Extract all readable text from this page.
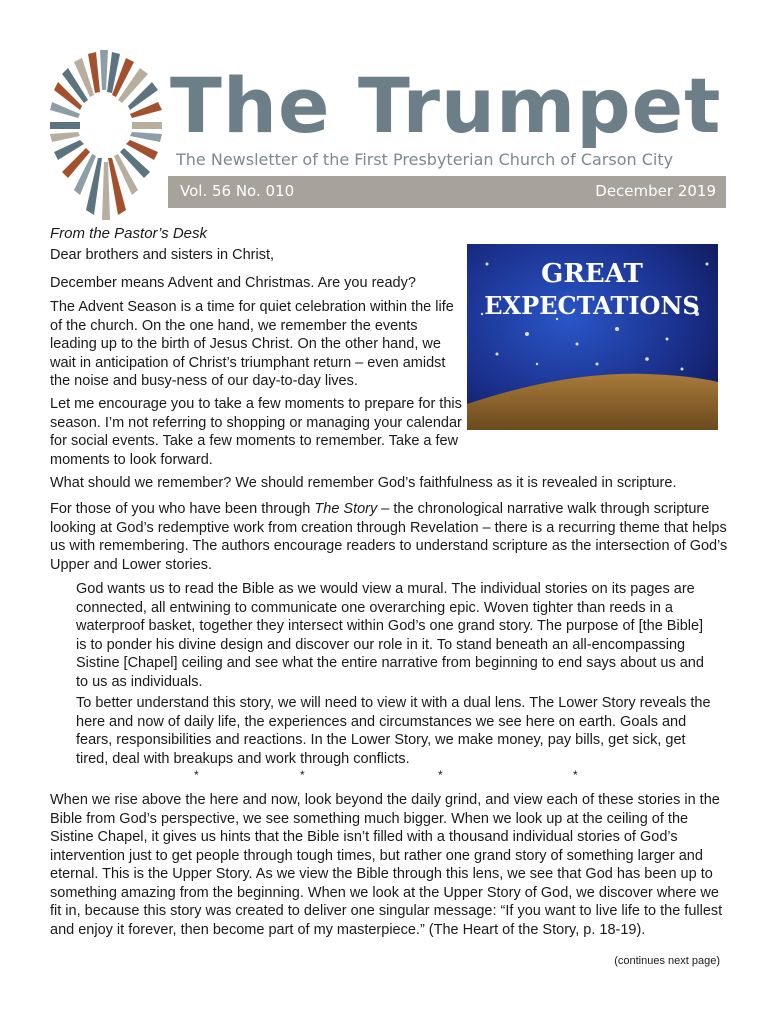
The Trumpet
The Newsletter of the First Presbyterian Church of Carson City
Vol. 56 No. 010	December 2019
From the Pastor’s Desk

Dear brothers and sisters in Christ,

December means Advent and Christmas. Are you ready?

The Advent Season is a time for quiet celebration within the life of the church. On the one hand, we remember the events leading up to the birth of Jesus Christ. On the other hand, we wait in anticipation of Christ’s triumphant return – even amidst the noise and busy-ness of our day-to-day lives.

Let me encourage you to take a few moments to prepare for this season. I’m not referring to shopping or managing your calendar for social events. Take a few moments to remember. Take a few moments to look forward.

GREAT
EXPECTATIONS

What should we remember? We should remember God’s faithfulness as it is revealed in scripture.

For those of you who have been through The Story – the chronological narrative walk through scripture looking at God’s redemptive work from creation through Revelation – there is a recurring theme that helps us with remembering. The authors encourage readers to understand scripture as the intersection of God’s Upper and Lower stories.

God wants us to read the Bible as we would view a mural. The individual stories on its pages are connected, all entwining to communicate one overarching epic. Woven tighter than reeds in a waterproof basket, together they intersect within God’s one grand story. The purpose of [the Bible] is to ponder his divine design and discover our role in it. To stand beneath an all-encompassing Sistine [Chapel] ceiling and see what the entire narrative from beginning to end says about us and to us as individuals.

To better understand this story, we will need to view it with a dual lens. The Lower Story reveals the here and now of daily life, the experiences and circumstances we see here on earth. Goals and fears, responsibilities and reactions. In the Lower Story, we make money, pay bills, get sick, get tired, deal with breakups and work through conflicts.

*	*	*	*

When we rise above the here and now, look beyond the daily grind, and view each of these stories in the Bible from God’s perspective, we see something much bigger. When we look up at the ceiling of the Sistine Chapel, it gives us hints that the Bible isn’t filled with a thousand individual stories of God’s intervention just to get people through tough times, but rather one grand story of something larger and eternal. This is the Upper Story. As we view the Bible through this lens, we see that God has been up to something amazing from the beginning. When we look at the Upper Story of God, we discover where we fit in, because this story was created to deliver one singular message: “If you want to live life to the fullest and enjoy it forever, then become part of my masterpiece.” (The Heart of the Story, p. 18-19).

(continues next page)
